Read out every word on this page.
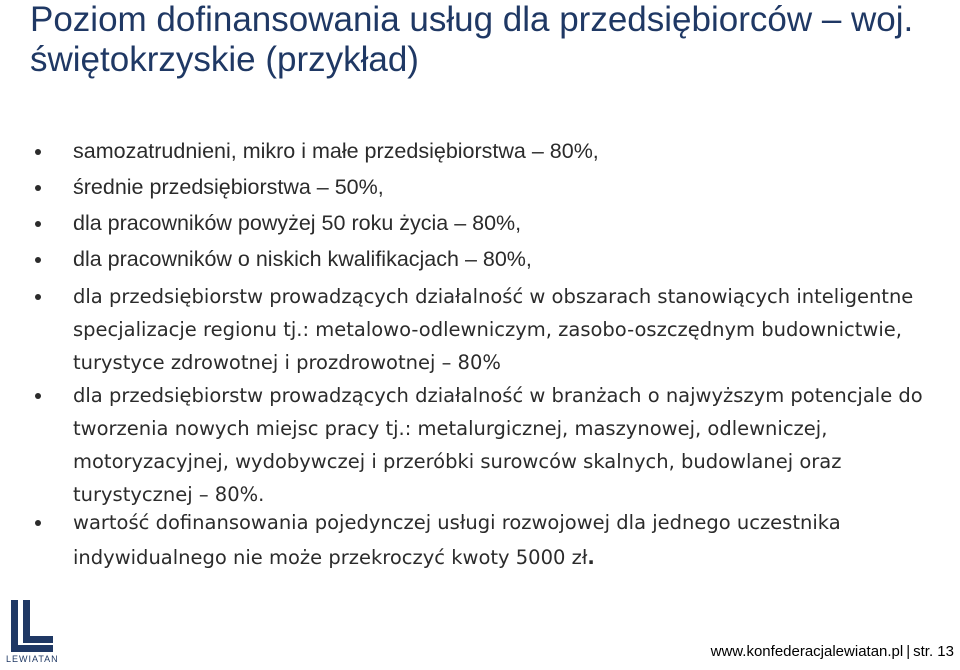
Poziom dofinansowania usług dla przedsiębiorców – woj. świętokrzyskie (przykład)
samozatrudnieni, mikro i małe przedsiębiorstwa – 80%,
średnie przedsiębiorstwa – 50%,
dla pracowników powyżej 50 roku życia – 80%,
dla pracowników o niskich kwalifikacjach – 80%,
dla przedsiębiorstw prowadzących działalność w obszarach stanowiących inteligentne specjalizacje regionu tj.: metalowo-odlewniczym, zasobo-oszczędnym budownictwie, turystyce zdrowotnej i prozdrowotnej – 80%
dla przedsiębiorstw prowadzących działalność w branżach o najwyższym potencjale do tworzenia nowych miejsc pracy tj.: metalurgicznej, maszynowej, odlewniczej, motoryzacyjnej, wydobywczej i przeróbki surowców skalnych, budowlanej oraz turystycznej – 80%.
wartość dofinansowania pojedynczej usługi rozwojowej dla jednego uczestnika indywidualnego nie może przekroczyć kwoty 5000 zł.
LEWIATAN	www.konfederacjalewiatan.pl | str. 13
